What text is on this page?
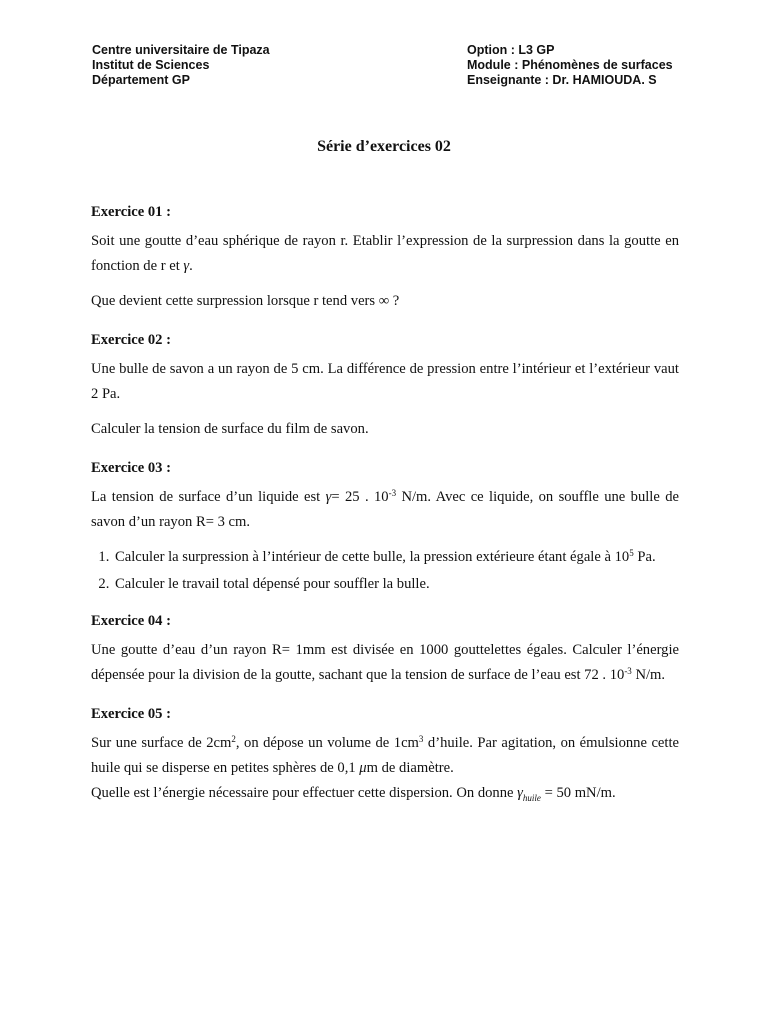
Centre universitaire de Tipaza
Institut de Sciences
Département GP
Option : L3 GP
Module : Phénomènes de surfaces
Enseignante : Dr. HAMIOUDA. S
Série d’exercices 02
Exercice 01 :

Soit une goutte d’eau sphérique de rayon r. Etablir l’expression de la surpression dans la goutte en fonction de r et γ.

Que devient cette surpression lorsque r tend vers ∞ ?

Exercice 02 :

Une bulle de savon a un rayon de 5 cm. La différence de pression entre l’intérieur et l’extérieur vaut 2 Pa.

Calculer la tension de surface du film de savon.

Exercice 03 :

La tension de surface d’un liquide est γ= 25 . $10^{-3}$ N/m. Avec ce liquide, on souffle une bulle de savon d’un rayon R= 3 cm.

1. Calculer la surpression à l’intérieur de cette bulle, la pression extérieure étant égale à $10^5$ Pa.
2. Calculer le travail total dépensé pour souffler la bulle.
Exercice 04 :

Une goutte d’eau d’un rayon R= 1mm est divisée en 1000 gouttelettes égales. Calculer l’énergie dépensée pour la division de la goutte, sachant que la tension de surface de l’eau est 72 . $10^{-3}$ N/m.

Exercice 05 :

Sur une surface de $2cm^2$, on dépose un volume de $1cm^3$ d’huile. Par agitation, on émulsionne cette huile qui se disperse en petites sphères de 0,1 μm de diamètre.

Quelle est l’énergie nécessaire pour effectuer cette dispersion. On donne $\gamma_{huile} = 50$ mN/m.
